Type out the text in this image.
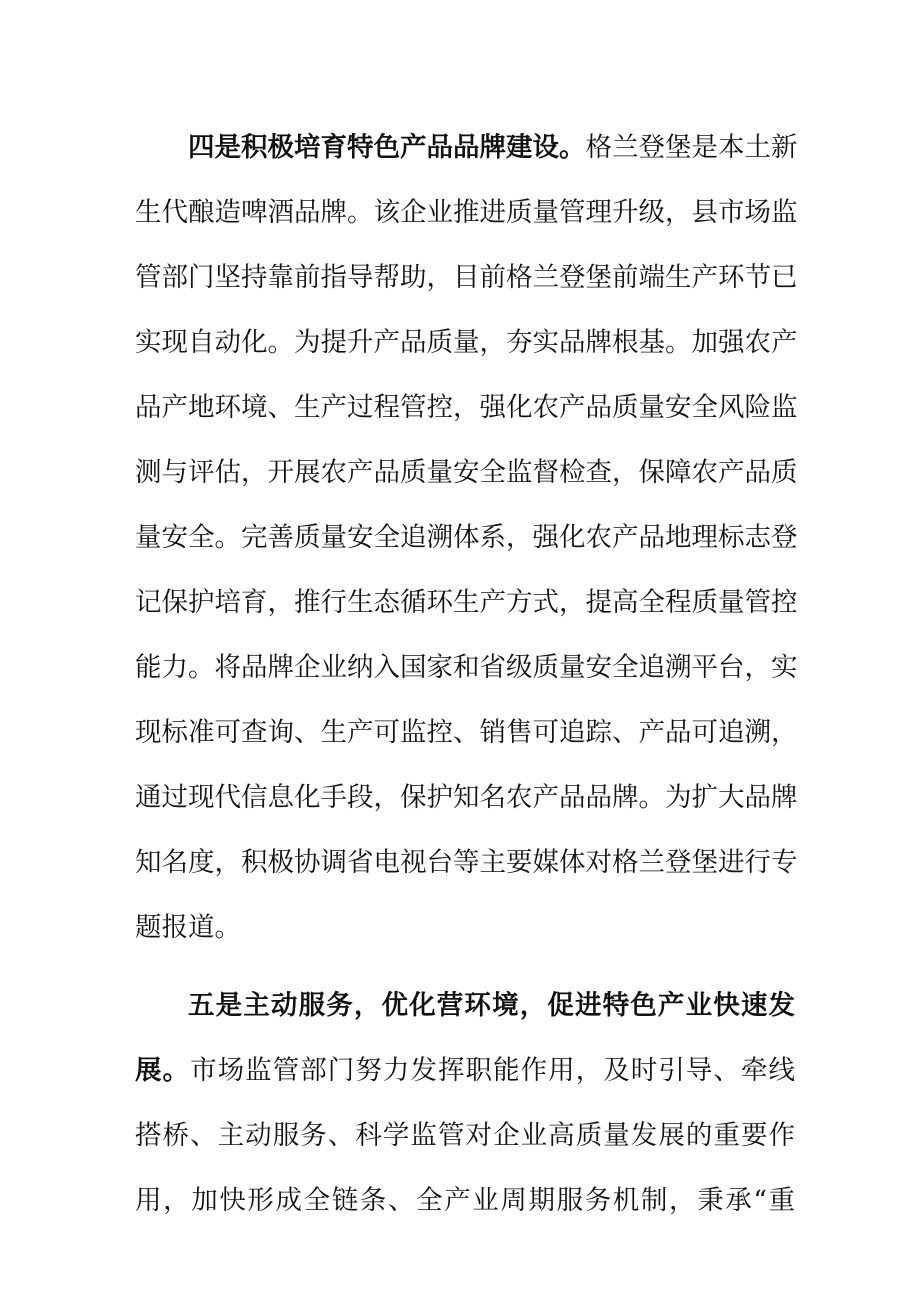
四是积极培育特色产品品牌建设。格兰登堡是本土新
生代酿造啤酒品牌。该企业推进质量管理升级，县市场监
管部门坚持靠前指导帮助，目前格兰登堡前端生产环节已
实现自动化。为提升产品质量，夯实品牌根基。加强农产
品产地环境、生产过程管控，强化农产品质量安全风险监
测与评估，开展农产品质量安全监督检查，保障农产品质
量安全。完善质量安全追溯体系，强化农产品地理标志登
记保护培育，推行生态循环生产方式，提高全程质量管控
能力。将品牌企业纳入国家和省级质量安全追溯平台，实
现标准可查询、生产可监控、销售可追踪、产品可追溯，
通过现代信息化手段，保护知名农产品品牌。为扩大品牌
知名度，积极协调省电视台等主要媒体对格兰登堡进行专
题报道。
五是主动服务，优化营环境，促进特色产业快速发
展。市场监管部门努力发挥职能作用，及时引导、牵线
搭桥、主动服务、科学监管对企业高质量发展的重要作
用，加快形成全链条、全产业周期服务机制，秉承“重
